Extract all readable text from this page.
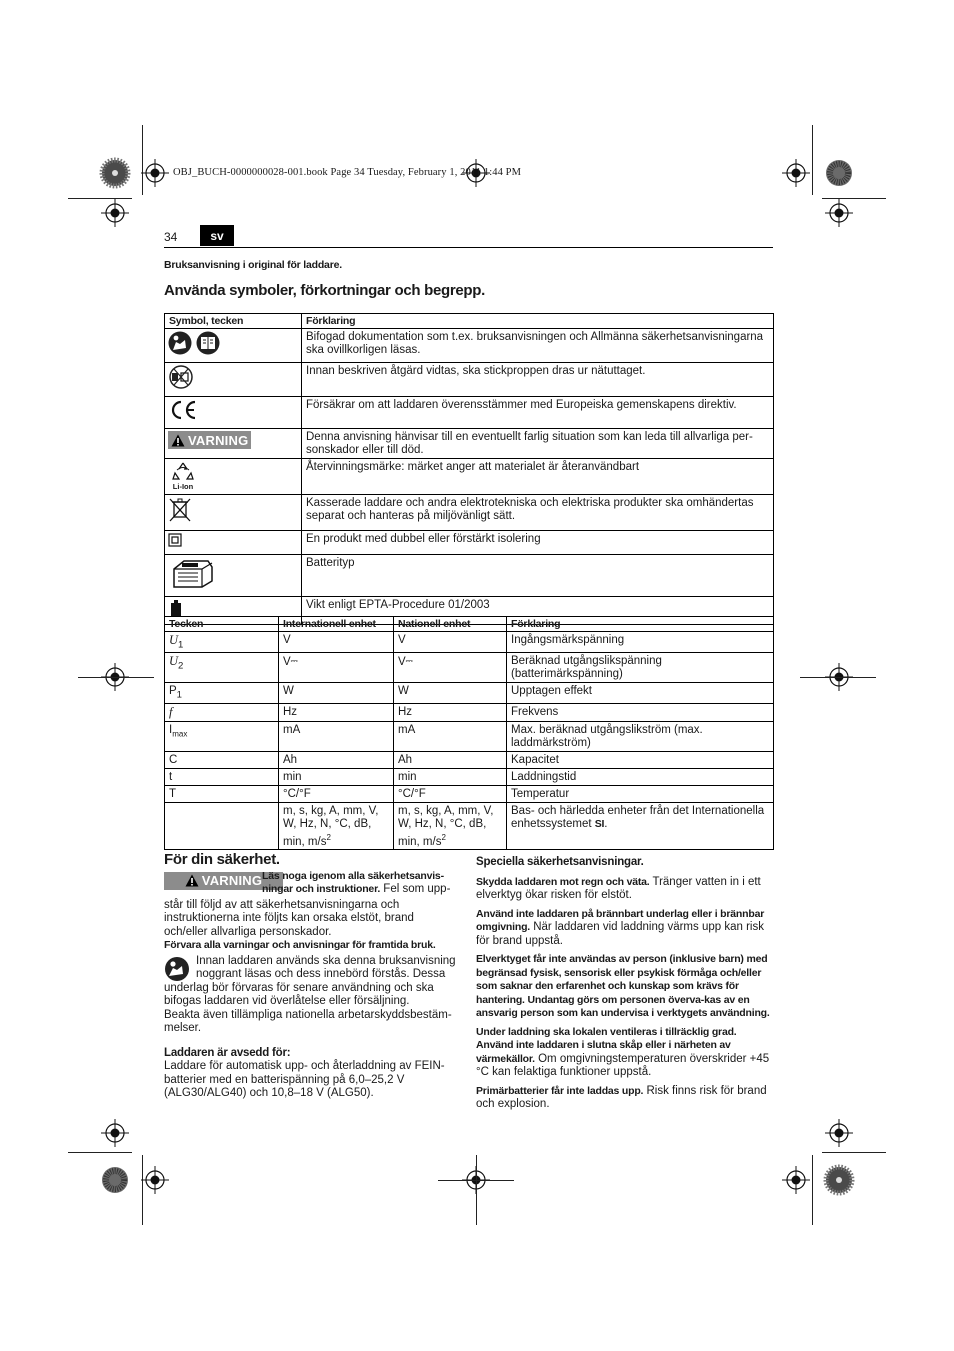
OBJ_BUCH-0000000028-001.book Page 34 Tuesday, February 1, 2011 1:44 PM
34	sv
Bruksanvisning i original för laddare.
Använda symboler, förkortningar och begrepp.
Symbol, tecken	Förklaring
	Bifogad dokumentation som t.ex. bruksanvisningen och Allmänna säkerhetsanvisningarna ska ovillkorligen läsas.
	Innan beskriven åtgärd vidtas, ska stickproppen dras ur nätuttaget.
	Försäkrar om att laddaren överensstämmer med Europeiska gemenskapens direktiv.

VARNING	Denna anvisning hänvisar till en eventuellt farlig situation som kan leda till allvarliga per-sonskador eller till död.

Li-Ion	Återvinningsmärke: märket anger att materialet är återanvändbart
	Kasserade laddare och andra elektrotekniska och elektriska produkter ska omhändertas separat och hanteras på miljövänligt sätt.
	En produkt med dubbel eller förstärkt isolering
	Batterityp
	Vikt enligt EPTA-Procedure 01/2003
Tecken	Internationell enhet	Nationell enhet	Förklaring
$U_1$	V	V	Ingångsmärkspänning
$U_2$	V⎓	V⎓	Beräknad utgångslikspänning (batterimärkspänning)
$P_1$	W	W	Upptagen effekt
f	Hz	Hz	Frekvens
$I_{max}$	mA	mA	Max. beräknad utgångslikström (max. laddmärkström)
C	Ah	Ah	Kapacitet
t	min	min	Laddningstid
T	°C/°F	°C/°F	Temperatur
	m, s, kg, A, mm, V, W, Hz, N, °C, dB, min, $m/s^2$	m, s, kg, A, mm, V, W, Hz, N, °C, dB, min, $m/s^2$	Bas- och härledda enheter från det Internationella enhetssystemet SI.

För din säkerhet.

VARNING Läs noga igenom alla säkerhetsanvis-ningar och instruktioner. Fel som upp-

står till följd av att säkerhetsanvisningarna och instruktionerna inte följts kan orsaka elstöt, brand och/eller allvarliga personskador.

Förvara alla varningar och anvisningar för framtida bruk.

Innan laddaren används ska denna bruksanvisning noggrant läsas och dess innebörd förstås. Dessa underlag bör förvaras för senare användning och ska bifogas laddaren vid överlåtelse eller försäljning.

Beakta även tillämpliga nationella arbetarskyddsbestäm-melser.

Laddaren är avsedd för:

Laddare för automatisk upp- och återladdning av FEIN-batterier med en batterispänning på 6,0–25,2 V (ALG30/ALG40) och 10,8–18 V (ALG50).

Speciella säkerhetsanvisningar.

Skydda laddaren mot regn och väta. Tränger vatten in i ett elverktyg ökar risken för elstöt.

Använd inte laddaren på brännbart underlag eller i brännbar omgivning. När laddaren vid laddning värms upp kan risk för brand uppstå.

Elverktyget får inte användas av person (inklusive barn) med begränsad fysisk, sensorisk eller psykisk förmåga och/eller som saknar den erfarenhet och kunskap som krävs för hantering. Undantag görs om personen överva-kas av en ansvarig person som kan undervisa i verktygets användning.

Under laddning ska lokalen ventileras i tillräcklig grad. Använd inte laddaren i slutna skåp eller i närheten av värmekällor. Om omgivningstemperaturen överskrider +45 °C kan felaktiga funktioner uppstå.

Primärbatterier får inte laddas upp. Risk finns risk för brand och explosion.
